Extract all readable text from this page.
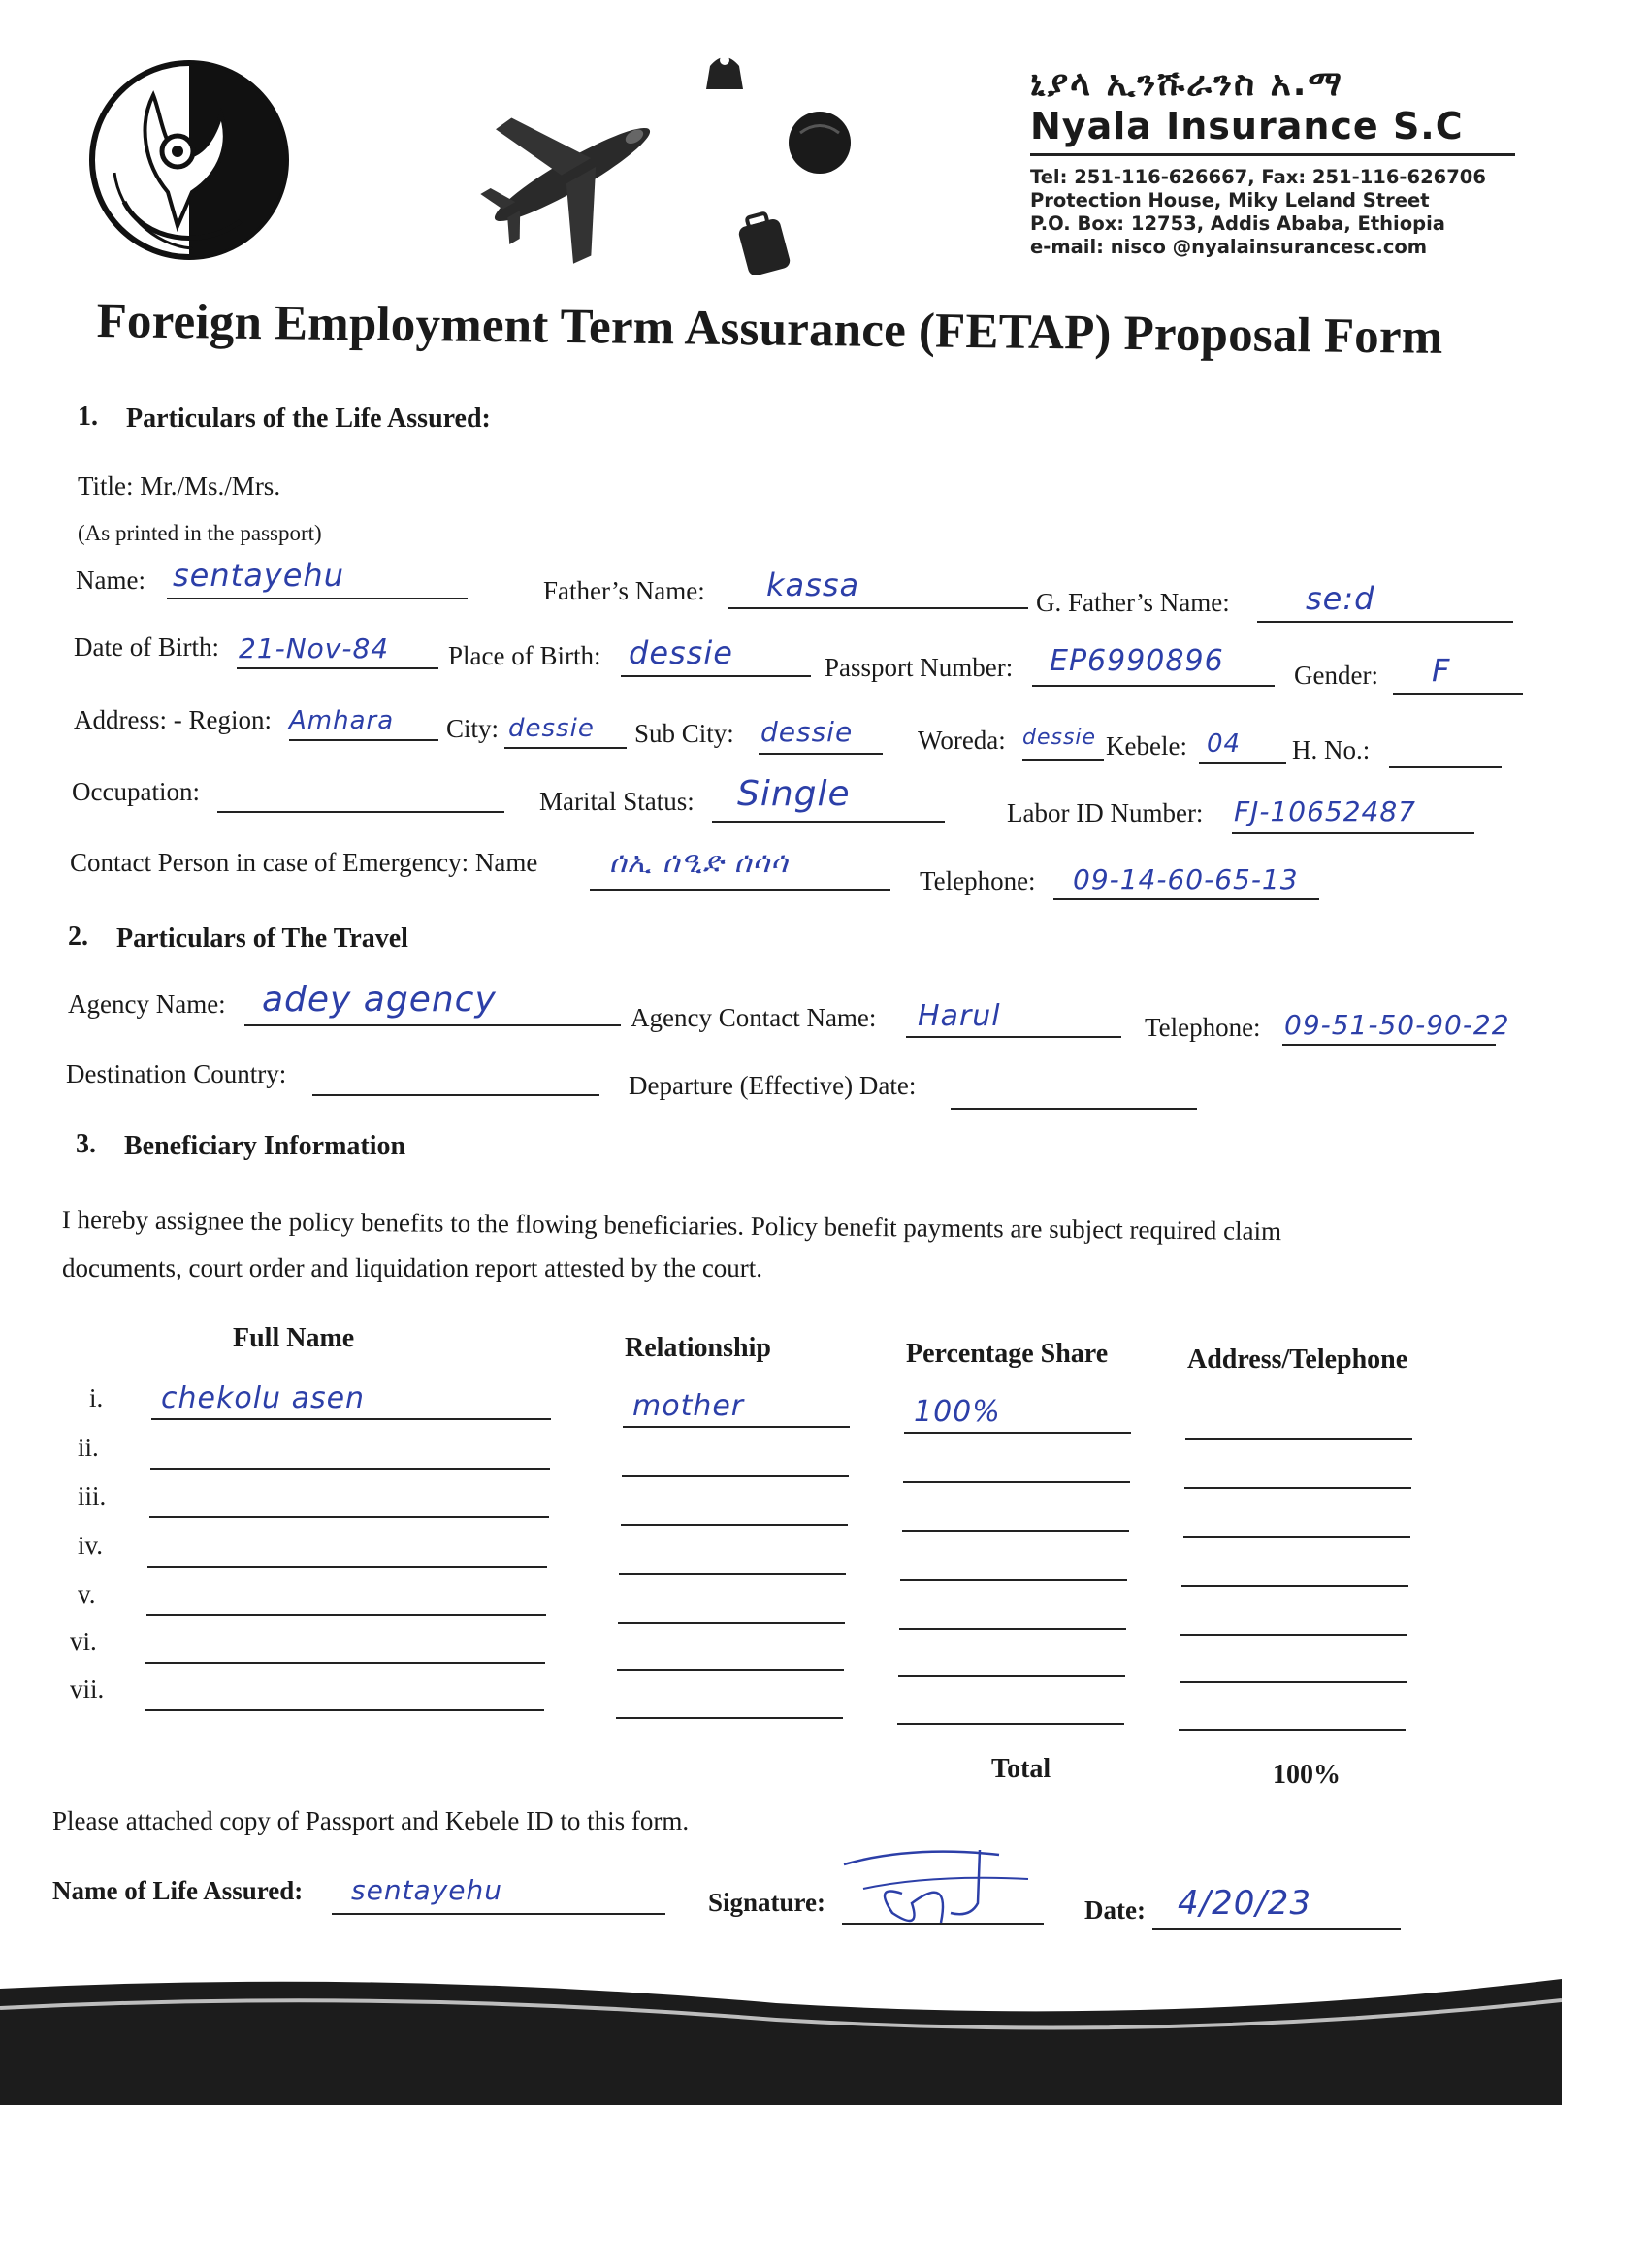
ኒያላ ኢንሹራንስ አ.ማ
Nyala Insurance S.C
Tel: 251-116-626667, Fax: 251-116-626706
Protection House, Miky Leland Street
P.O. Box: 12753, Addis Ababa, Ethiopia
e-mail: nisco @nyalainsurancesc.com
Foreign Employment Term Assurance (FETAP) Proposal Form
1. Particulars of the Life Assured:
Title: Mr./Ms./Mrs.
(As printed in the passport)
Name: sentayehu	Father’s Name: kassa	G. Father’s Name: se:d
Date of Birth: 21-Nov-84 Place of Birth: dessie	Passport Number: EP6990896	Gender: F
Address: - Region: Amhara City: dessie Sub City: dessie Woreda: dessie Kebele: 04 H. No.:
Occupation:	Marital Status: Single	Labor ID Number: FJ-10652487
Contact Person in case of Emergency: Name ሰኢ ሰዒድ ሰሳሳ
Telephone: 09-14-60-65-13
2. Particulars of The Travel
Agency Name: adey agency	Agency Contact Name: Harul	Telephone: 09-51-50-90-22
Destination Country:	Departure (Effective) Date:
3. Beneficiary Information
I hereby assignee the policy benefits to the flowing beneficiaries. Policy benefit payments are subject required claim
documents, court order and liquidation report attested by the court.
Full Name	Relationship	Percentage Share	Address/Telephone
i. chekolu asen	mother	100%
ii.
iii.
iv.
v.
vi.
vii.
Total	100%
Please attached copy of Passport and Kebele ID to this form.
Name of Life Assured: sentayehu	Signature:	Date: 4/20/23
